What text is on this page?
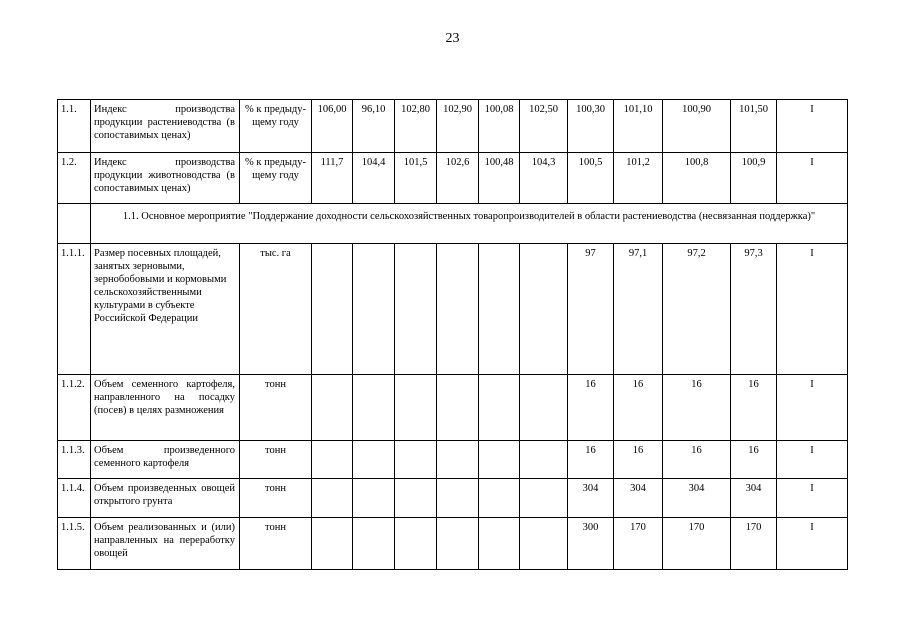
23
1.1.	Индекс производства продукции растениеводства (в сопоставимых ценах)	% к предыду-щему году	106,00	96,10	102,80	102,90	100,08	102,50	100,30	101,10	100,90	101,50	I
1.2.	Индекс производства продукции животноводства (в сопоставимых ценах)	% к предыду-щему году	111,7	104,4	101,5	102,6	100,48	104,3	100,5	101,2	100,8	100,9	I
	1.1. Основное мероприятие "Поддержание доходности сельскохозяйственных товаропроизводителей в области растениеводства (несвязанная поддержка)"												
1.1.1.	Размер посевных площадей, занятых зерновыми, зернобобовыми и кормовыми сельскохозяйственными культурами в субъекте Российской Федерации	тыс. га							97	97,1	97,2	97,3	I
1.1.2.	Объем семенного картофеля, направленного на посадку (посев) в целях размножения	тонн							16	16	16	16	I
1.1.3.	Объем произведенного семенного картофеля	тонн							16	16	16	16	I
1.1.4.	Объем произведенных овощей открытого грунта	тонн							304	304	304	304	I
1.1.5.	Объем реализованных и (или) направленных на переработку овощей	тонн							300	170	170	170	I
